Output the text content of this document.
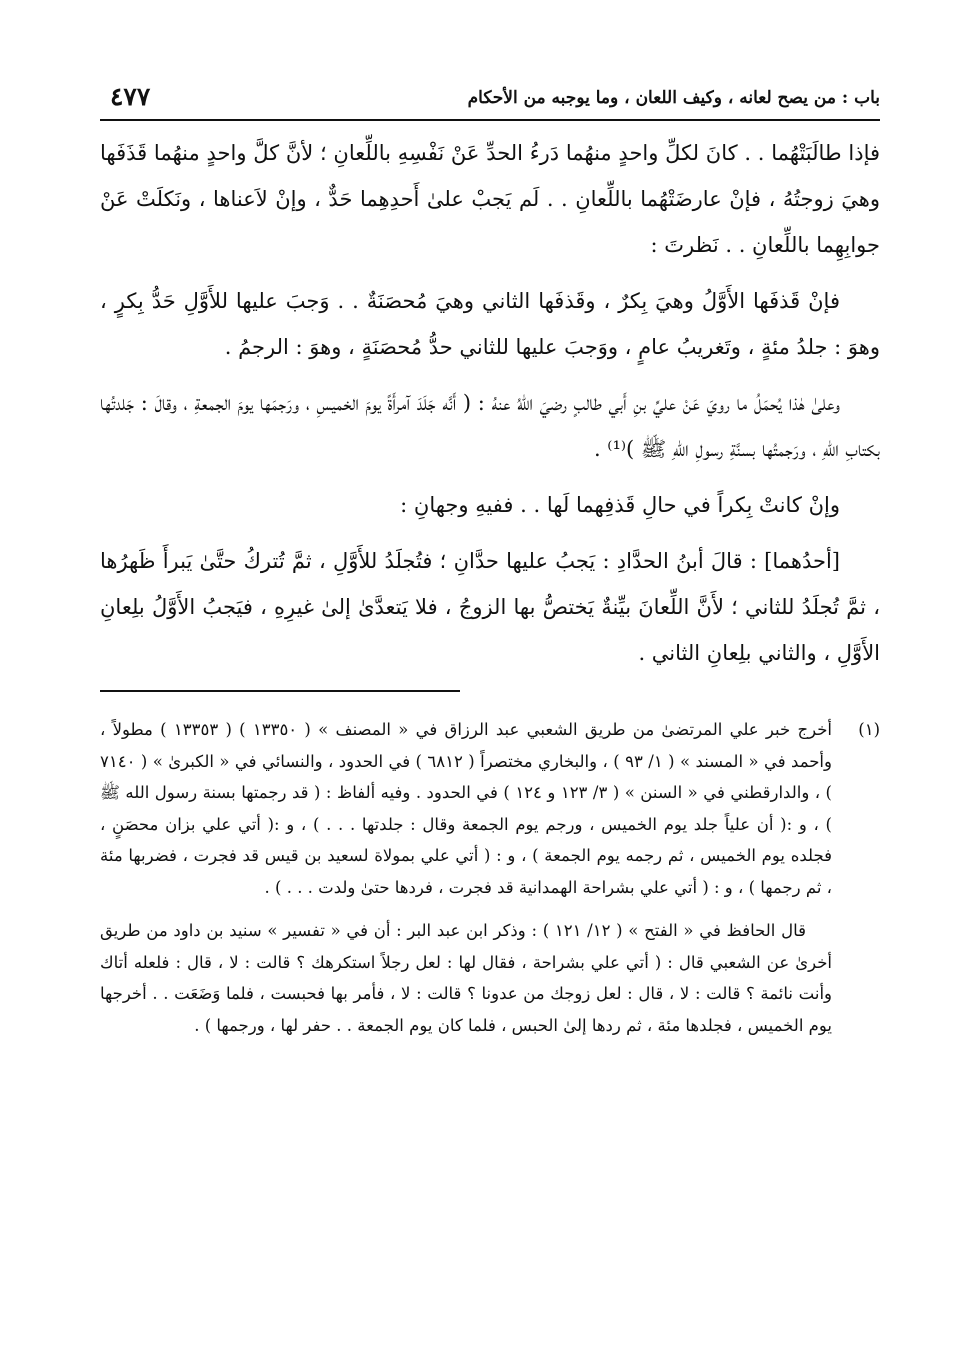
باب : من يصح لعانه ، وكيف اللعان ، وما يوجبه من الأحكام
٤٧٧

فإذا طالَبَتْهُما . . كانَ لكلِّ واحدٍ منهُما دَرءُ الحدِّ عَنْ نَفْسِهِ باللِّعانِ ؛ لأنَّ كلَّ واحدٍ منهُما قَذَفَها وهيَ زوجتُهُ ، فإنْ عارضَتْهُما باللِّعانِ . . لَم يَجبْ علىٰ أَحدِهِما حَدٌّ ، وإنْ لاَعناها ، ونَكلَتْ عَنْ جوابِهِما باللِّعانِ . . نَظرتَ :

فإنْ قَذفَها الأَوَّلُ وهيَ بِكرٌ ، وقَذفَها الثاني وهيَ مُحصَنَةٌ . . وَجبَ عليها للأَوَّلِ حَدُّ بِكرٍ ، وهوَ : جلدُ مئةٍ ، وتَغريبُ عامٍ ، ووَجبَ عليها للثاني حدُّ مُحصَنَةٍ ، وهوَ : الرجمُ .

وعلىٰ هٰذا يُحمَلُ ما رويَ عَنْ عليِّ بنِ أَبي طالبٍ رضيَ اللهُ عنهُ : ( أَنَّه جَلَدَ آمرأَةً يومَ الخميسِ ، ورَجمَها يومَ الجمعةِ ، وقالَ : جَلدتُها بكتابِ اللهِ ، ورَجمتُها بسنَّةِ رسولِ اللهِ ﷺ )⁽¹⁾ .

وإنْ كانتْ بِكراً في حالِ قَذفِهما لَها . . ففيهِ وجهانِ :

[أحدُهما] : قالَ أبنُ الحدَّادِ : يَجبُ عليها حدَّانِ ؛ فتُجلَدُ للأَوَّلِ ، ثمَّ تُتركُ حتَّىٰ يَبرأَ ظَهرُها ، ثمَّ تُجلَدُ للثاني ؛ لأَنَّ اللِّعانَ بيِّنةٌ يَختصُّ بها الزوجُ ، فلا يَتعدَّىٰ إلىٰ غيرِهِ ، فيَجبُ الأَوَّلُ بلِعانِ الأَوَّلِ ، والثاني بلِعانِ الثاني .

(١)
أخرج خبر علي المرتضىٰ من طريق الشعبي عبد الرزاق في « المصنف » ( ١٣٣٥٠ ) ( ١٣٣٥٣ ) مطولاً ، وأحمد في « المسند » ( ١/ ٩٣ ) ، والبخاري مختصراً ( ٦٨١٢ ) في الحدود ، والنسائي في « الكبرىٰ » ( ٧١٤٠ ) ، والدارقطني في « السنن » ( ٣/ ١٢٣ و ١٢٤ ) في الحدود . وفيه ألفاظ : ( قد رجمتها بسنة رسول الله ﷺ ) ، و :( أن علياً جلد يوم الخميس ، ورجم يوم الجمعة وقال : جلدتها . . . ) ، و :( أتي علي بزان محصَنٍ ، فجلده يوم الخميس ، ثم رجمه يوم الجمعة ) ، و : ( أتي علي بمولاة لسعيد بن قيس قد فجرت ، فضربها مئة ، ثم رجمها ) ، و : ( أتي علي بشراحة الهمدانية قد فجرت ، فردها حتىٰ ولدت . . . ) .

قال الحافظ في « الفتح » ( ١٢/ ١٢١ ) : وذكر ابن عبد البر : أن في « تفسير » سنيد بن داود من طريق أخرىٰ عن الشعبي قال : ( أتي علي بشراحة ، فقال لها : لعل رجلاً استكرهك ؟ قالت : لا ، قال : فلعله أتاك وأنت نائمة ؟ قالت : لا ، قال : لعل زوجك من عدونا ؟ قالت : لا ، فأمر بها فحبست ، فلما وَضَعَت . . أخرجها يوم الخميس ، فجلدها مئة ، ثم ردها إلىٰ الحبس ، فلما كان يوم الجمعة . . حفر لها ، ورجمها ) .
